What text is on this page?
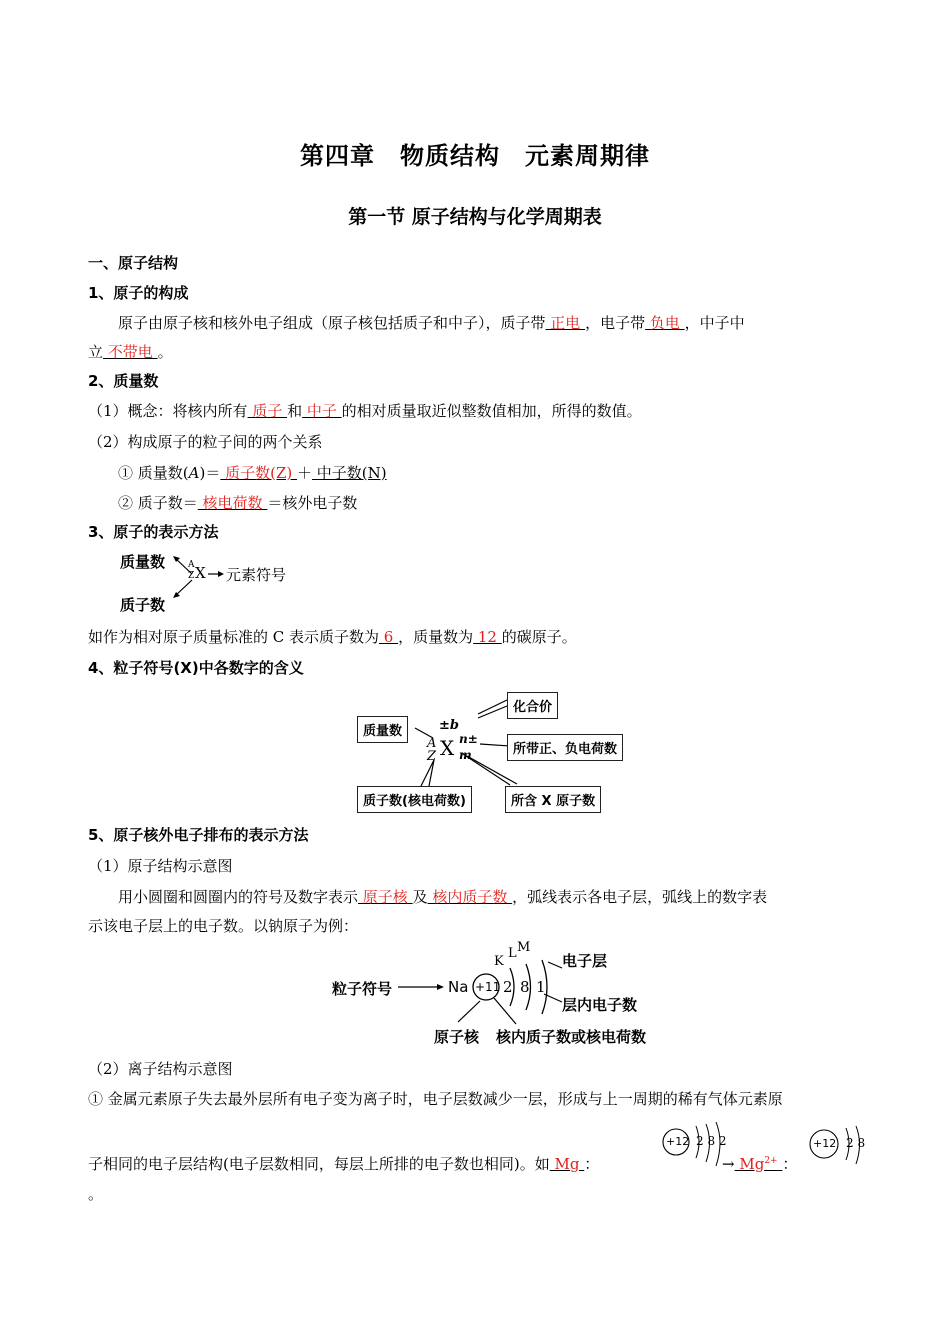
第四章　物质结构　元素周期律
第一节 原子结构与化学周期表
一、原子结构
1、原子的构成
原子由原子核和核外电子组成（原子核包括质子和中子），质子带 正电 ，电子带 负电 ，中子中
立 不带电 。
2、质量数
（1）概念：将核内所有 质子 和 中子 的相对质量取近似整数值相加，所得的数值。
（2）构成原子的粒子间的两个关系
① 质量数(A)＝ 质子数(Z) ＋ 中子数(N)
② 质子数＝ 核电荷数 ＝核外电子数
3、原子的表示方法
质量数	A
Z X 元素符号
质子数
如作为相对原子质量标准的 C 表示质子数为 6 ，质量数为 12 的碳原子。
4、粒子符号(X)中各数字的含义
质量数
化合价
所带正、负电荷数
质子数(核电荷数)	所含 X 原子数
±b
A
Z X n±
m
5、原子核外电子排布的表示方法
（1）原子结构示意图
用小圆圈和圆圈内的符号及数字表示 原子核 及 核内质子数 ，弧线表示各电子层，弧线上的数字表
示该电子层上的电子数。以钠原子为例：
粒子符号	Na +11 2 8 1
K
L M
电子层
层内电子数
原子核 核内质子数或核电荷数
（2）离子结构示意图
① 金属元素原子失去最外层所有电子变为离子时，电子层数减少一层，形成与上一周期的稀有气体元素原
子相同的电子层结构(电子层数相同，每层上所排的电子数也相同)。如 Mg ：
+12 2 8 2
→ $Mg^{2+}$ ：
+12 2 8
。
